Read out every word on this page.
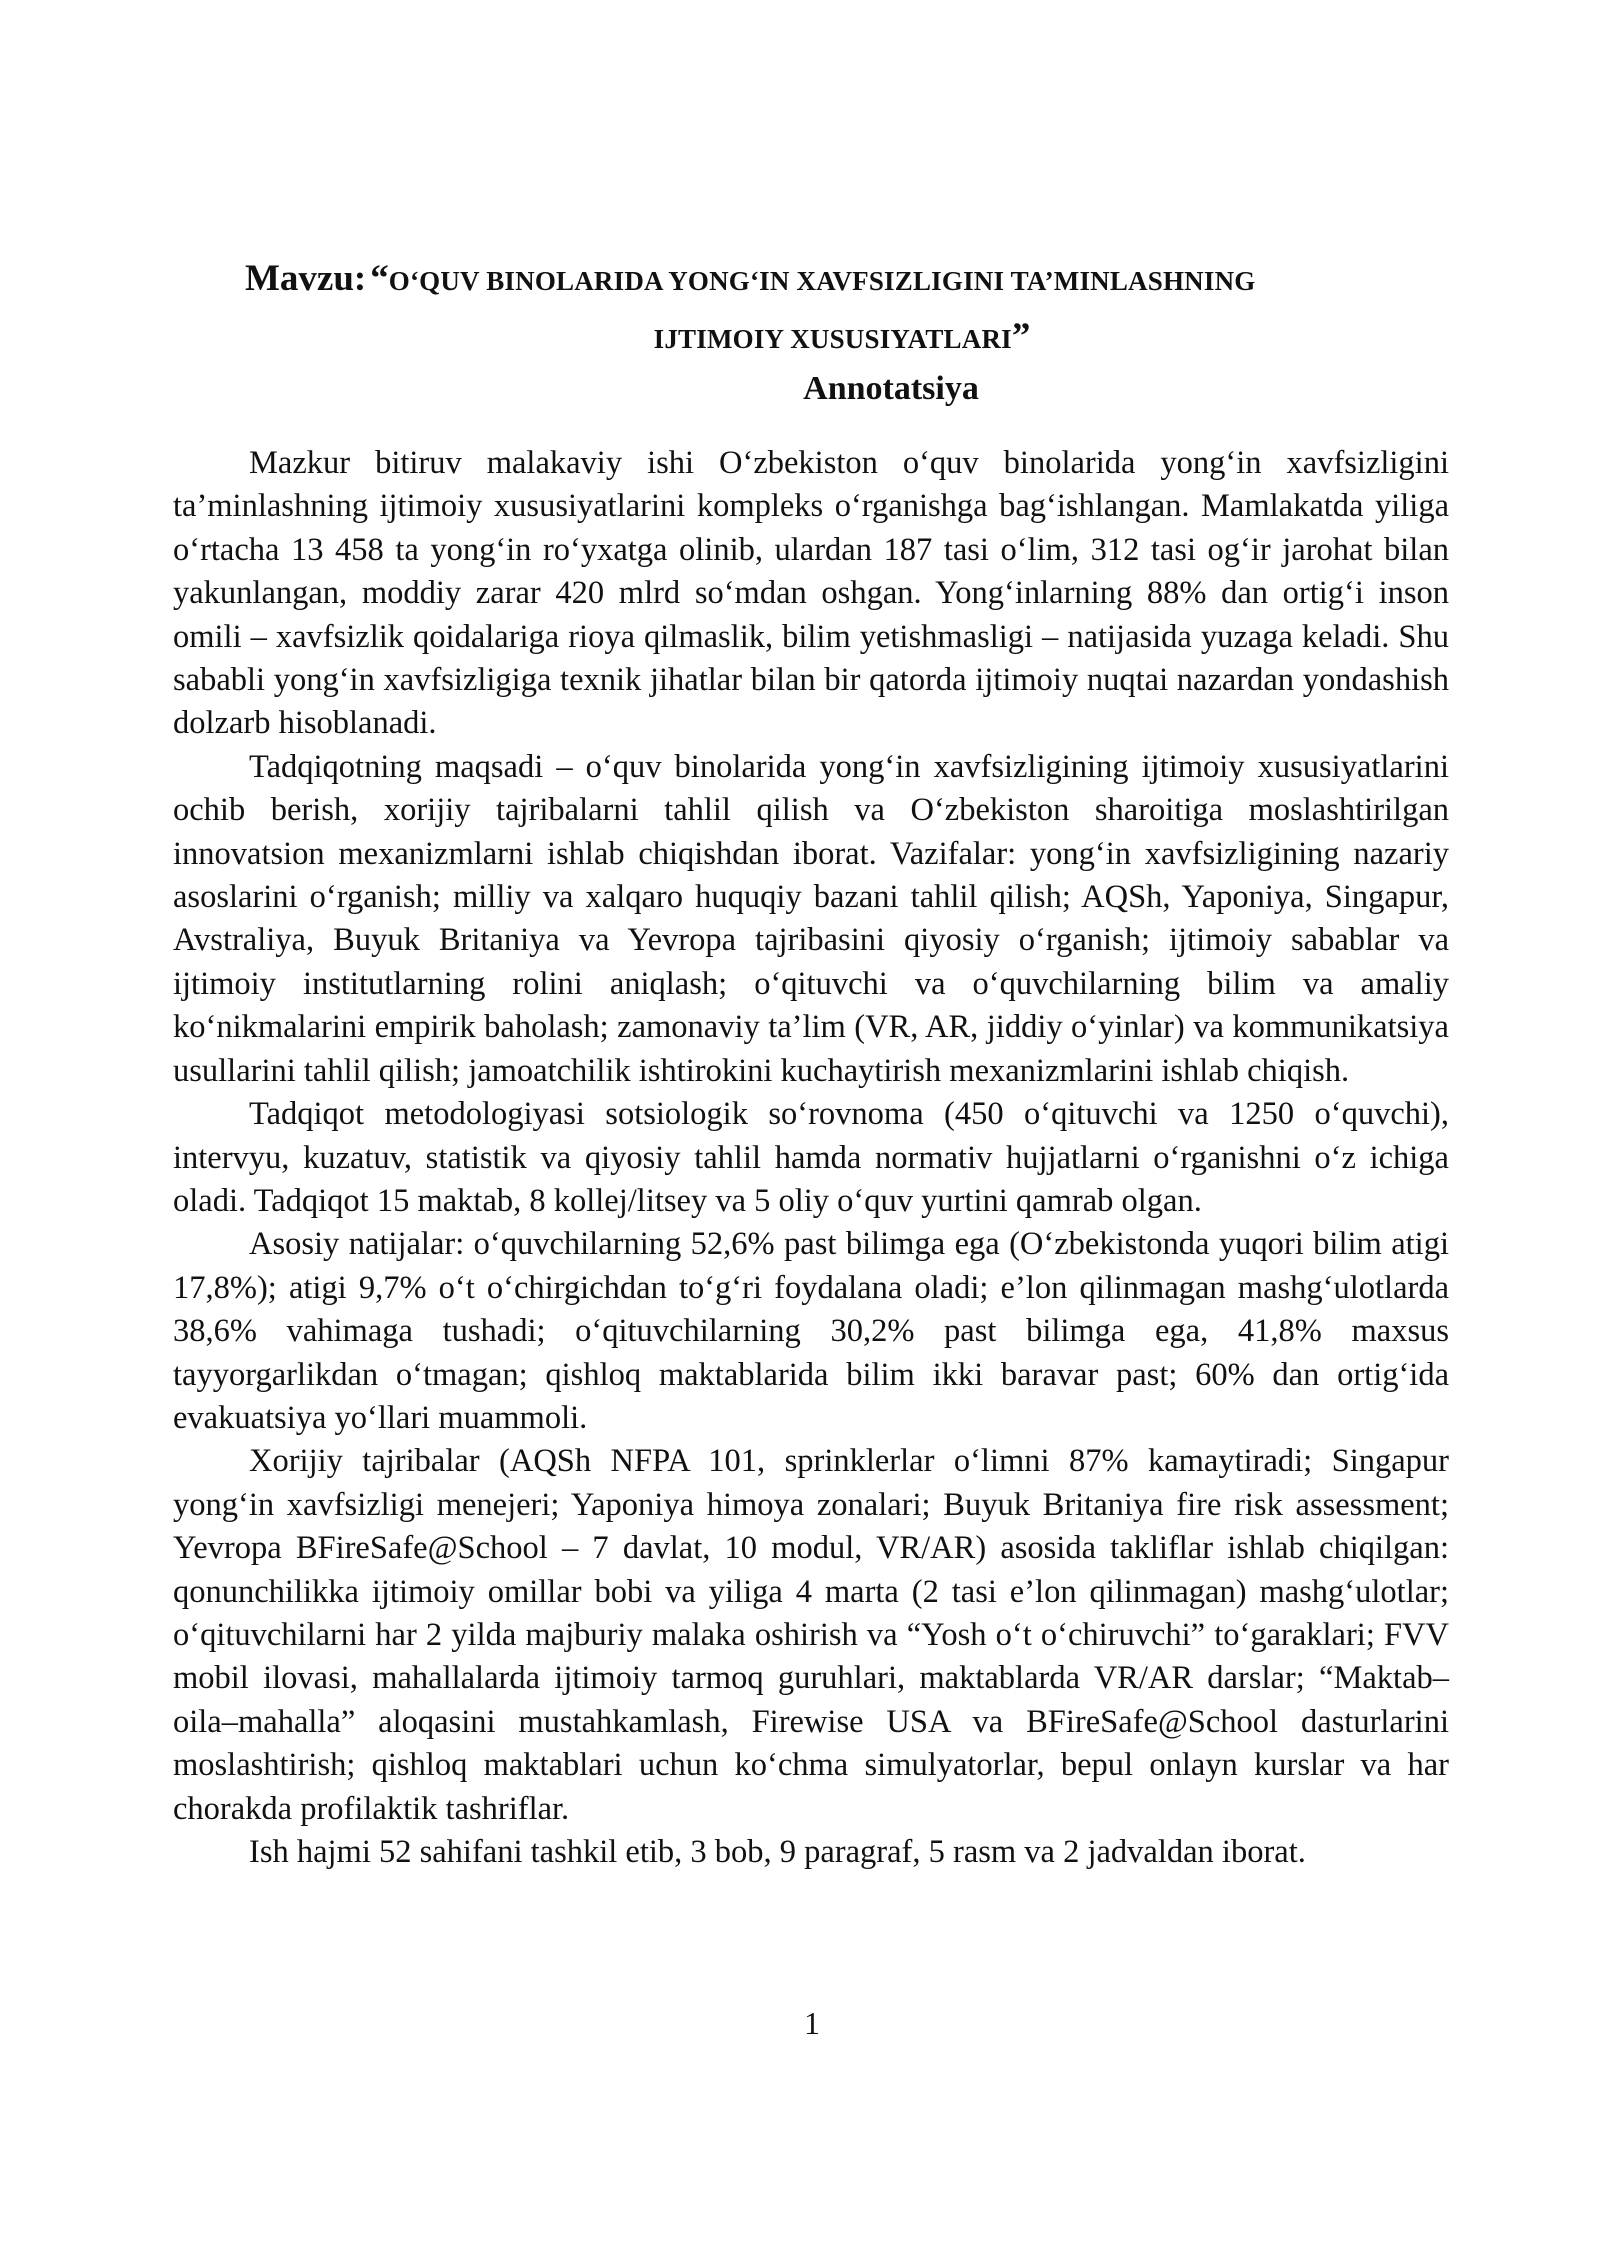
Mavzu: “O‘QUV BINOLARIDA YONG‘IN XAVFSIZLIGINI TA’MINLASHNING
IJTIMOIY XUSUSIYATLARI”
Annotatsiya

Mazkur bitiruv malakaviy ishi O‘zbekiston o‘quv binolarida yong‘in xavfsizligini ta’minlashning ijtimoiy xususiyatlarini kompleks o‘rganishga bag‘ishlangan. Mamlakatda yiliga o‘rtacha 13 458 ta yong‘in ro‘yxatga olinib, ulardan 187 tasi o‘lim, 312 tasi og‘ir jarohat bilan yakunlangan, moddiy zarar 420 mlrd so‘mdan oshgan. Yong‘inlarning 88% dan ortig‘i inson omili – xavfsizlik qoidalariga rioya qilmaslik, bilim yetishmasligi – natijasida yuzaga keladi. Shu sababli yong‘in xavfsizligiga texnik jihatlar bilan bir qatorda ijtimoiy nuqtai nazardan yondashish dolzarb hisoblanadi.

Tadqiqotning maqsadi – o‘quv binolarida yong‘in xavfsizligining ijtimoiy xususiyatlarini ochib berish, xorijiy tajribalarni tahlil qilish va O‘zbekiston sharoitiga moslashtirilgan innovatsion mexanizmlarni ishlab chiqishdan iborat. Vazifalar: yong‘in xavfsizligining nazariy asoslarini o‘rganish; milliy va xalqaro huquqiy bazani tahlil qilish; AQSh, Yaponiya, Singapur, Avstraliya, Buyuk Britaniya va Yevropa tajribasini qiyosiy o‘rganish; ijtimoiy sabablar va ijtimoiy institutlarning rolini aniqlash; o‘qituvchi va o‘quvchilarning bilim va amaliy ko‘nikmalarini empirik baholash; zamonaviy ta’lim (VR, AR, jiddiy o‘yinlar) va kommunikatsiya usullarini tahlil qilish; jamoatchilik ishtirokini kuchaytirish mexanizmlarini ishlab chiqish.

Tadqiqot metodologiyasi sotsiologik so‘rovnoma (450 o‘qituvchi va 1250 o‘quvchi), intervyu, kuzatuv, statistik va qiyosiy tahlil hamda normativ hujjatlarni o‘rganishni o‘z ichiga oladi. Tadqiqot 15 maktab, 8 kollej/litsey va 5 oliy o‘quv yurtini qamrab olgan.

Asosiy natijalar: o‘quvchilarning 52,6% past bilimga ega (O‘zbekistonda yuqori bilim atigi 17,8%); atigi 9,7% o‘t o‘chirgichdan to‘g‘ri foydalana oladi; e’lon qilinmagan mashg‘ulotlarda 38,6% vahimaga tushadi; o‘qituvchilarning 30,2% past bilimga ega, 41,8% maxsus tayyorgarlikdan o‘tmagan; qishloq maktablarida bilim ikki baravar past; 60% dan ortig‘ida evakuatsiya yo‘llari muammoli.

Xorijiy tajribalar (AQSh NFPA 101, sprinklerlar o‘limni 87% kamaytiradi; Singapur yong‘in xavfsizligi menejeri; Yaponiya himoya zonalari; Buyuk Britaniya fire risk assessment; Yevropa BFireSafe@School – 7 davlat, 10 modul, VR/AR) asosida takliflar ishlab chiqilgan: qonunchilikka ijtimoiy omillar bobi va yiliga 4 marta (2 tasi e’lon qilinmagan) mashg‘ulotlar; o‘qituvchilarni har 2 yilda majburiy malaka oshirish va “Yosh o‘t o‘chiruvchi” to‘garaklari; FVV mobil ilovasi, mahallalarda ijtimoiy tarmoq guruhlari, maktablarda VR/AR darslar; “Maktab–oila–mahalla” aloqasini mustahkamlash, Firewise USA va BFireSafe@School dasturlarini moslashtirish; qishloq maktablari uchun ko‘chma simulyatorlar, bepul onlayn kurslar va har chorakda profilaktik tashriflar.

Ish hajmi 52 sahifani tashkil etib, 3 bob, 9 paragraf, 5 rasm va 2 jadvaldan iborat.

1
